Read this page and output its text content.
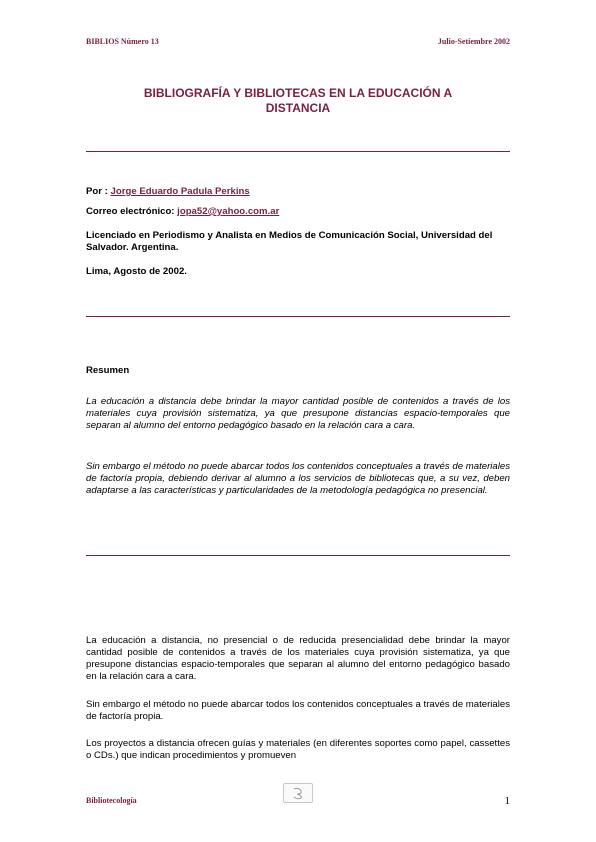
BIBLIOS Número 13	Julio-Setiembre 2002
BIBLIOGRAFÍA Y BIBLIOTECAS EN LA EDUCACIÓN A
DISTANCIA
Por : Jorge Eduardo Padula Perkins
Correo electrónico: jopa52@yahoo.com.ar
Licenciado en Periodismo y Analista en Medios de Comunicación Social, Universidad del Salvador. Argentina.
Lima, Agosto de 2002.
Resumen
La educación a distancia debe brindar la mayor cantidad posible de contenidos a través de los materiales cuya provisión sistematiza, ya que presupone distancias espacio-temporales que separan al alumno del entorno pedagógico basado en la relación cara a cara.
Sin embargo el método no puede abarcar todos los contenidos conceptuales a través de materiales de factoría propia, debiendo derivar al alumno a los servicios de bibliotecas que, a su vez, deben adaptarse a las características y particularidades de la metodología pedagógica no presencial.
La educación a distancia, no presencial o de reducida presencialidad debe brindar la mayor cantidad posible de contenidos a través de los materiales cuya provisión sistematiza, ya que presupone distancias espacio-temporales que separan al alumno del entorno pedagógico basado en la relación cara a cara.
Sin embargo el método no puede abarcar todos los contenidos conceptuales a través de materiales de factoría propia.
Los proyectos a distancia ofrecen guías y materiales (en diferentes soportes como papel, cassettes o CDs.) que indican procedimientos y promueven
Bibliotecología	1
